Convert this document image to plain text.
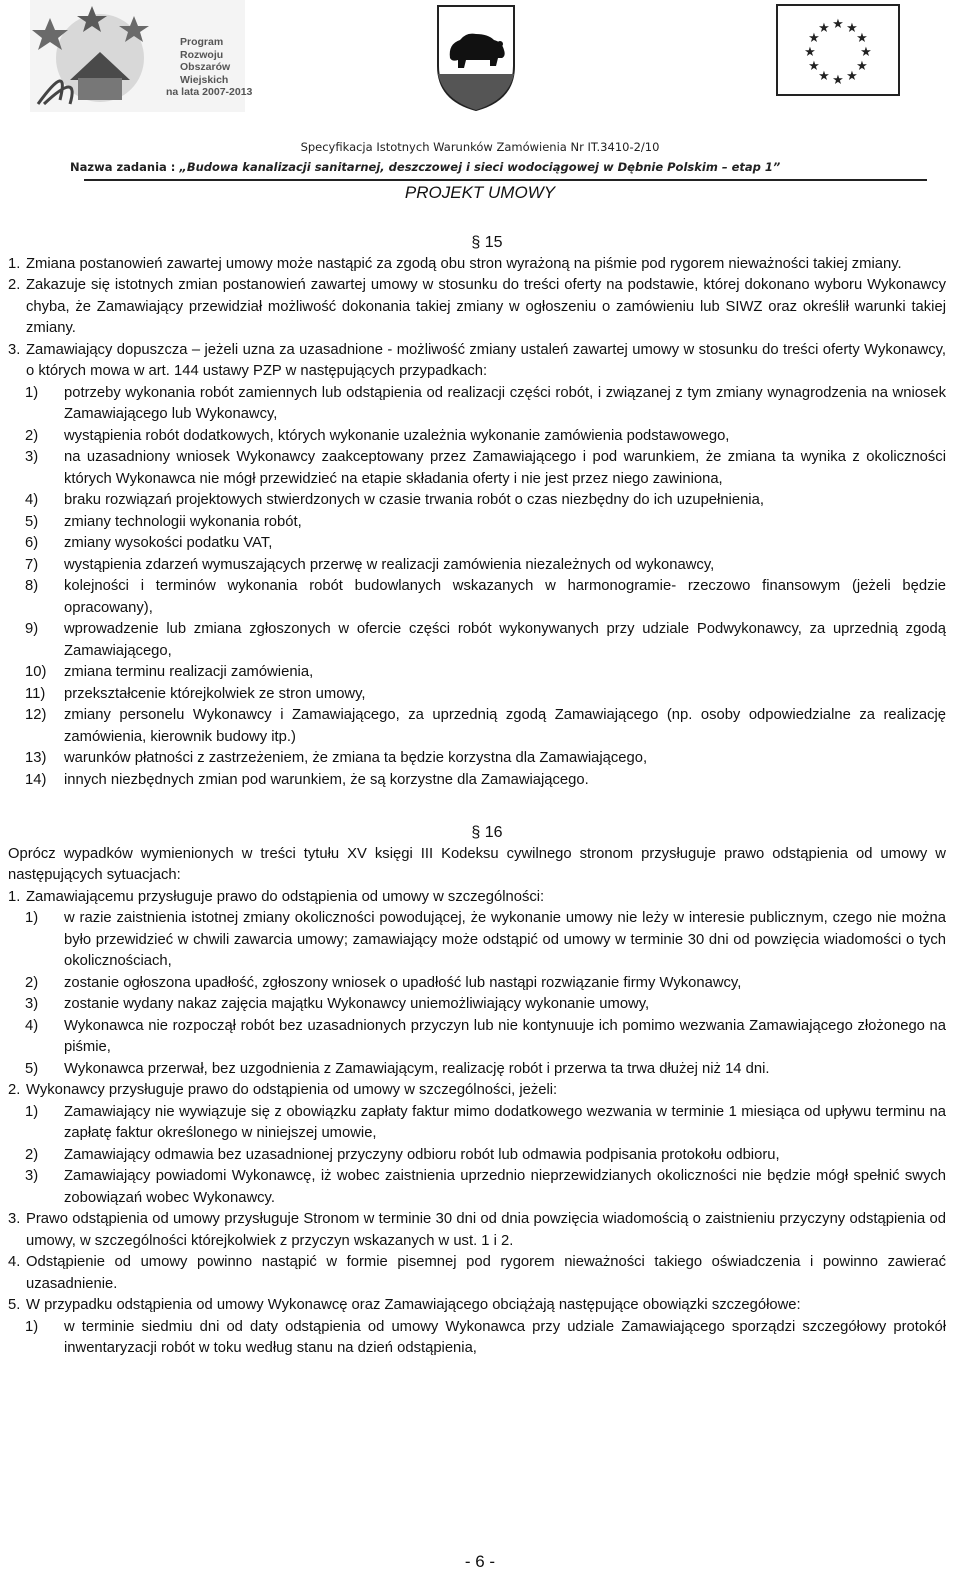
Program
Rozwoju
Obszarów
Wiejskich
na lata 2007-2013
★ ★
★
★
★
★
★
★
★
★
★
★
Specyfikacja Istotnych Warunków Zamówienia Nr IT.3410-2/10
Nazwa zadania : „Budowa kanalizacji sanitarnej, deszczowej i sieci wodociągowej w Dębnie Polskim – etap 1”
PROJEKT UMOWY
§ 15
1. Zmiana postanowień zawartej umowy może nastąpić za zgodą obu stron wyrażoną na piśmie pod rygorem nieważności takiej zmiany.
2. Zakazuje się istotnych zmian postanowień zawartej umowy w stosunku do treści oferty na podstawie, której dokonano wyboru Wykonawcy chyba, że Zamawiający przewidział możliwość dokonania takiej zmiany w ogłoszeniu o zamówieniu lub SIWZ oraz określił warunki takiej zmiany.
3. Zamawiający dopuszcza – jeżeli uzna za uzasadnione - możliwość zmiany ustaleń zawartej umowy w stosunku do treści oferty Wykonawcy, o których mowa w art. 144 ustawy PZP w następujących przypadkach:
1) potrzeby wykonania robót zamiennych lub odstąpienia od realizacji części robót, i związanej z tym zmiany wynagrodzenia na wniosek Zamawiającego lub Wykonawcy,
2) wystąpienia robót dodatkowych, których wykonanie uzależnia wykonanie zamówienia podstawowego,
3) na uzasadniony wniosek Wykonawcy zaakceptowany przez Zamawiającego i pod warunkiem, że zmiana ta wynika z okoliczności których Wykonawca nie mógł przewidzieć na etapie składania oferty i nie jest przez niego zawiniona,
4) braku rozwiązań projektowych stwierdzonych w czasie trwania robót o czas niezbędny do ich uzupełnienia,
5) zmiany technologii wykonania robót,
6) zmiany wysokości podatku VAT,
7) wystąpienia zdarzeń wymuszających przerwę w realizacji zamówienia niezależnych od wykonawcy,
8) kolejności i terminów wykonania robót budowlanych wskazanych w harmonogramie- rzeczowo finansowym (jeżeli będzie opracowany),
9) wprowadzenie lub zmiana zgłoszonych w ofercie części robót wykonywanych przy udziale Podwykonawcy, za uprzednią zgodą Zamawiającego,
10) zmiana terminu realizacji zamówienia,
11) przekształcenie którejkolwiek ze stron umowy,
12) zmiany personelu Wykonawcy i Zamawiającego, za uprzednią zgodą Zamawiającego (np. osoby odpowiedzialne za realizację zamówienia, kierownik budowy itp.)
13) warunków płatności z zastrzeżeniem, że zmiana ta będzie korzystna dla Zamawiającego,
14) innych niezbędnych zmian pod warunkiem, że są korzystne dla Zamawiającego.
§ 16
Oprócz wypadków wymienionych w treści tytułu XV księgi III Kodeksu cywilnego stronom przysługuje prawo odstąpienia od umowy w następujących sytuacjach:
1. Zamawiającemu przysługuje prawo do odstąpienia od umowy w szczególności:
1) w razie zaistnienia istotnej zmiany okoliczności powodującej, że wykonanie umowy nie leży w interesie publicznym, czego nie można było przewidzieć w chwili zawarcia umowy; zamawiający może odstąpić od umowy w terminie 30 dni od powzięcia wiadomości o tych okolicznościach,
2) zostanie ogłoszona upadłość, zgłoszony wniosek o upadłość lub nastąpi rozwiązanie firmy Wykonawcy,
3) zostanie wydany nakaz zajęcia majątku Wykonawcy uniemożliwiający wykonanie umowy,
4) Wykonawca nie rozpoczął robót bez uzasadnionych przyczyn lub nie kontynuuje ich pomimo wezwania Zamawiającego złożonego na piśmie,
5) Wykonawca przerwał, bez uzgodnienia z Zamawiającym, realizację robót i przerwa ta trwa dłużej niż 14 dni.
2. Wykonawcy przysługuje prawo do odstąpienia od umowy w szczególności, jeżeli:
1) Zamawiający nie wywiązuje się z obowiązku zapłaty faktur mimo dodatkowego wezwania w terminie 1 miesiąca od upływu terminu na zapłatę faktur określonego w niniejszej umowie,
2) Zamawiający odmawia bez uzasadnionej przyczyny odbioru robót lub odmawia podpisania protokołu odbioru,
3) Zamawiający powiadomi Wykonawcę, iż wobec zaistnienia uprzednio nieprzewidzianych okoliczności nie będzie mógł spełnić swych zobowiązań wobec Wykonawcy.
3. Prawo odstąpienia od umowy przysługuje Stronom w terminie 30 dni od dnia powzięcia wiadomością o zaistnieniu przyczyny odstąpienia od umowy, w szczególności którejkolwiek z przyczyn wskazanych w ust. 1 i 2.
4. Odstąpienie od umowy powinno nastąpić w formie pisemnej pod rygorem nieważności takiego oświadczenia i powinno zawierać uzasadnienie.
5. W przypadku odstąpienia od umowy Wykonawcę oraz Zamawiającego obciążają następujące obowiązki szczegółowe:
1) w terminie siedmiu dni od daty odstąpienia od umowy Wykonawca przy udziale Zamawiającego sporządzi szczegółowy protokół inwentaryzacji robót w toku według stanu na dzień odstąpienia,
- 6 -
